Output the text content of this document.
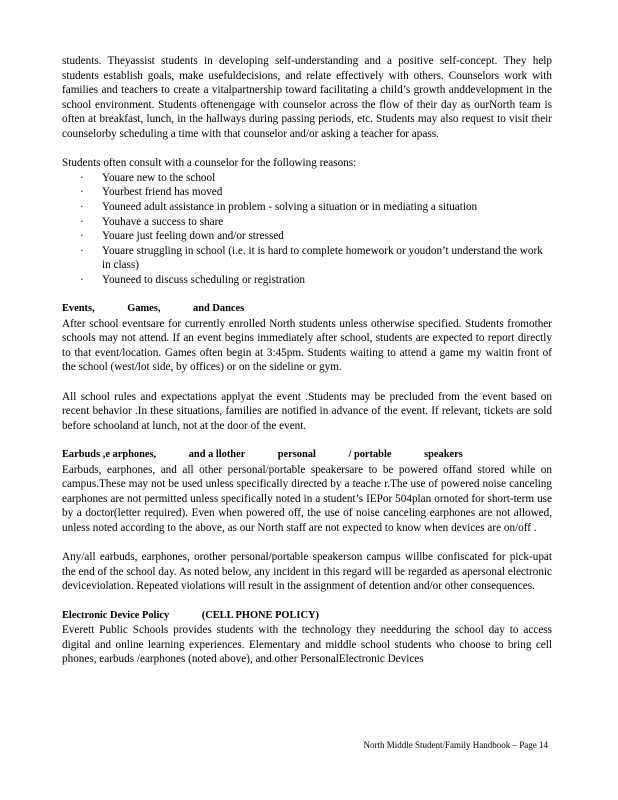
students. Theyassist students in developing self-understanding and a positive self-concept. They help students establish goals, make usefuldecisions, and relate effectively with others. Counselors work with families and teachers to create a vitalpartnership toward facilitating a child’s growth anddevelopment in the school environment. Students oftenengage with counselor across the flow of their day as ourNorth team is often at breakfast, lunch, in the hallways during passing periods, etc. Students may also request to visit their counselorby scheduling a time with that counselor and/or asking a teacher for apass.

Students often consult with a counselor for the following reasons:

·	Youare new to the school
·	Yourbest friend has moved
·	Youneed adult assistance in problem - solving a situation or in mediating a situation
·	Youhave a success to share
·	Youare just feeling down and/or stressed
·	Youare struggling in school (i.e. it is hard to complete homework or youdon’t understand the work in class)
·	Youneed to discuss scheduling or registration
Events,	Games,	and Dances

After school eventsare for currently enrolled North students unless otherwise specified. Students fromother schools may not attend. If an event begins immediately after school, students are expected to report directly to that event/location. Games often begin at 3:45pm. Students waiting to attend a game my waitin front of the school (west/lot side, by offices) or on the sideline or gym.

All school rules and expectations applyat the event .Students may be precluded from the event based on recent behavior .In these situations, families are notified in advance of the event. If relevant, tickets are sold before schooland at lunch, not at the door of the event.

Earbuds ,e arphones,	and a llother	personal	/ portable	speakers

Earbuds, earphones, and all other personal/portable speakersare to be powered offand stored while on campus.These may not be used unless specifically directed by a teache r.The use of powered noise canceling earphones are not permitted unless specifically noted in a student’s IEPor 504plan ornoted for short-term use by a doctor(letter required). Even when powered off, the use of noise canceling earphones are not allowed, unless noted according to the above, as our North staff are not expected to know when devices are on/off .

Any/all earbuds, earphones, orother personal/portable speakerson campus willbe confiscated for pick-upat the end of the school day. As noted below, any incident in this regard will be regarded as apersonal electronic deviceviolation. Repeated violations will result in the assignment of detention and/or other consequences.

Electronic Device Policy	(CELL PHONE POLICY)

Everett Public Schools provides students with the technology they needduring the school day to access digital and online learning experiences. Elementary and middle school students who choose to bring cell phones, earbuds /earphones (noted above), and other PersonalElectronic Devices

North Middle Student/Family Handbook – Page 14
